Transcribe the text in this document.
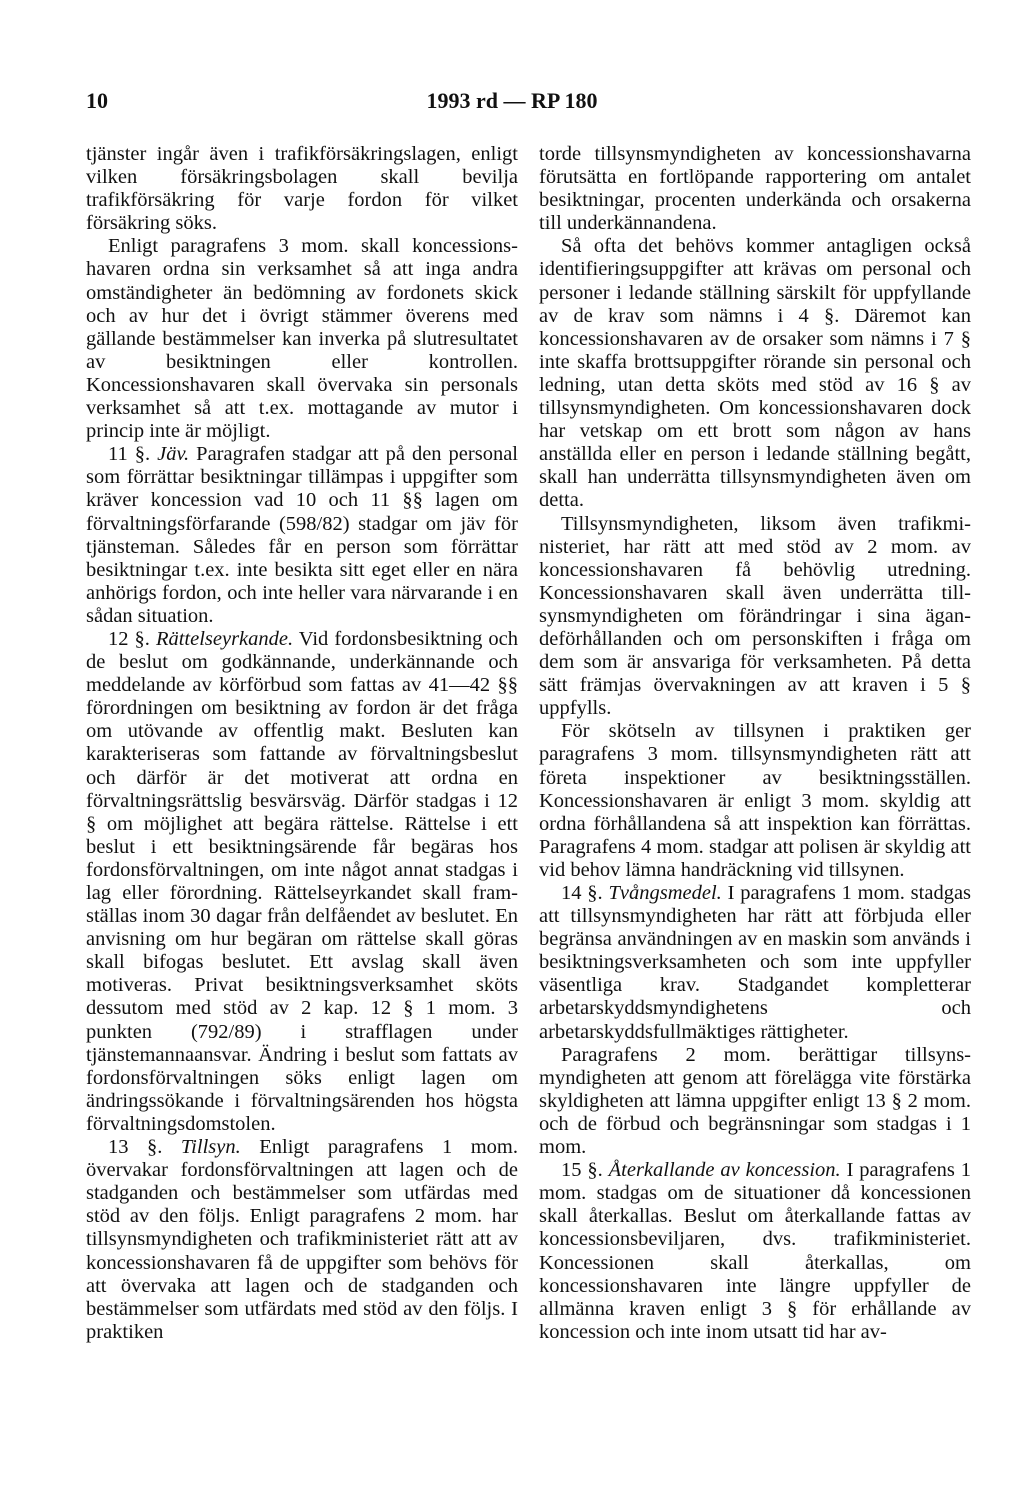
10	1993 rd — RP 180

tjänster ingår även i trafikförsäkringslagen, enligt vilken försäkringsbolagen skall bevilja trafikförsäkring för varje fordon för vilket försäkring söks.

Enligt paragrafens 3 mom. skall koncessionshavaren ordna sin verksamhet så att inga andra omständigheter än bedömning av fordonets skick och av hur det i övrigt stämmer överens med gällande bestämmelser kan inverka på slutresultatet av besiktningen eller kontrollen. Koncessionshavaren skall övervaka sin personals verksamhet så att t.ex. mottagande av mutor i princip inte är möjligt.

11 §. Jäv. Paragrafen stadgar att på den personal som förrättar besiktningar tillämpas i uppgifter som kräver koncession vad 10 och 11 §§ lagen om förvaltningsförfarande (598/82) stadgar om jäv för tjänsteman. Således får en person som förrättar besiktningar t.ex. inte besikta sitt eget eller en nära anhörigs fordon, och inte heller vara närvarande i en sådan situation.

12 §. Rättelseyrkande. Vid fordonsbesiktning och de beslut om godkännande, underkännande och meddelande av körförbud som fattas av 41—42 §§ förordningen om besiktning av fordon är det fråga om utövande av offentlig makt. Besluten kan karakteriseras som fattande av förvaltningsbeslut och därför är det motiverat att ordna en förvaltningsrättslig besvärsväg. Därför stadgas i 12 § om möjlighet att begära rättelse. Rättelse i ett beslut i ett besiktningsärende får begäras hos fordonsförvaltningen, om inte något annat stadgas i lag eller förordning. Rättelseyrkandet skall framställas inom 30 dagar från delfåendet av beslutet. En anvisning om hur begäran om rättelse skall göras skall bifogas beslutet. Ett avslag skall även motiveras. Privat besiktningsverksamhet sköts dessutom med stöd av 2 kap. 12 § 1 mom. 3 punkten (792/89) i strafflagen under tjänstemannaansvar. Ändring i beslut som fattats av fordonsförvaltningen söks enligt lagen om ändringssökande i förvaltningsärenden hos högsta förvaltningsdomstolen.

13 §. Tillsyn. Enligt paragrafens 1 mom. övervakar fordonsförvaltningen att lagen och de stadganden och bestämmelser som utfärdas med stöd av den följs. Enligt paragrafens 2 mom. har tillsynsmyndigheten och trafikministeriet rätt att av koncessionshavaren få de uppgifter som behövs för att övervaka att lagen och de stadganden och bestämmelser som utfärdats med stöd av den följs. I praktiken

torde tillsynsmyndigheten av koncessionshavarna förutsätta en fortlöpande rapportering om antalet besiktningar, procenten underkända och orsakerna till underkännandena.

Så ofta det behövs kommer antagligen också identifieringsuppgifter att krävas om personal och personer i ledande ställning särskilt för uppfyllande av de krav som nämns i 4 §. Däremot kan koncessionshavaren av de orsaker som nämns i 7 § inte skaffa brottsuppgifter rörande sin personal och ledning, utan detta sköts med stöd av 16 § av tillsynsmyndigheten. Om koncessionshavaren dock har vetskap om ett brott som någon av hans anställda eller en person i ledande ställning begått, skall han underrätta tillsynsmyndigheten även om detta.

Tillsynsmyndigheten, liksom även trafikministeriet, har rätt att med stöd av 2 mom. av koncessionshavaren få behövlig utredning. Koncessionshavaren skall även underrätta tillsynsmyndigheten om förändringar i sina ägandeförhållanden och om personskiften i fråga om dem som är ansvariga för verksamheten. På detta sätt främjas övervakningen av att kraven i 5 § uppfylls.

För skötseln av tillsynen i praktiken ger paragrafens 3 mom. tillsynsmyndigheten rätt att företa inspektioner av besiktningsställen. Koncessionshavaren är enligt 3 mom. skyldig att ordna förhållandena så att inspektion kan förrättas. Paragrafens 4 mom. stadgar att polisen är skyldig att vid behov lämna handräckning vid tillsynen.

14 §. Tvångsmedel. I paragrafens 1 mom. stadgas att tillsynsmyndigheten har rätt att förbjuda eller begränsa användningen av en maskin som används i besiktningsverksamheten och som inte uppfyller väsentliga krav. Stadgandet kompletterar arbetarskyddsmyndighetens och arbetarskyddsfullmäktiges rättigheter.

Paragrafens 2 mom. berättigar tillsynsmyndigheten att genom att förelägga vite förstärka skyldigheten att lämna uppgifter enligt 13 § 2 mom. och de förbud och begränsningar som stadgas i 1 mom.

15 §. Återkallande av koncession. I paragrafens 1 mom. stadgas om de situationer då koncessionen skall återkallas. Beslut om återkallande fattas av koncessionsbeviljaren, dvs. trafikministeriet. Koncessionen skall återkallas, om koncessionshavaren inte längre uppfyller de allmänna kraven enligt 3 § för erhållande av koncession och inte inom utsatt tid har av-
